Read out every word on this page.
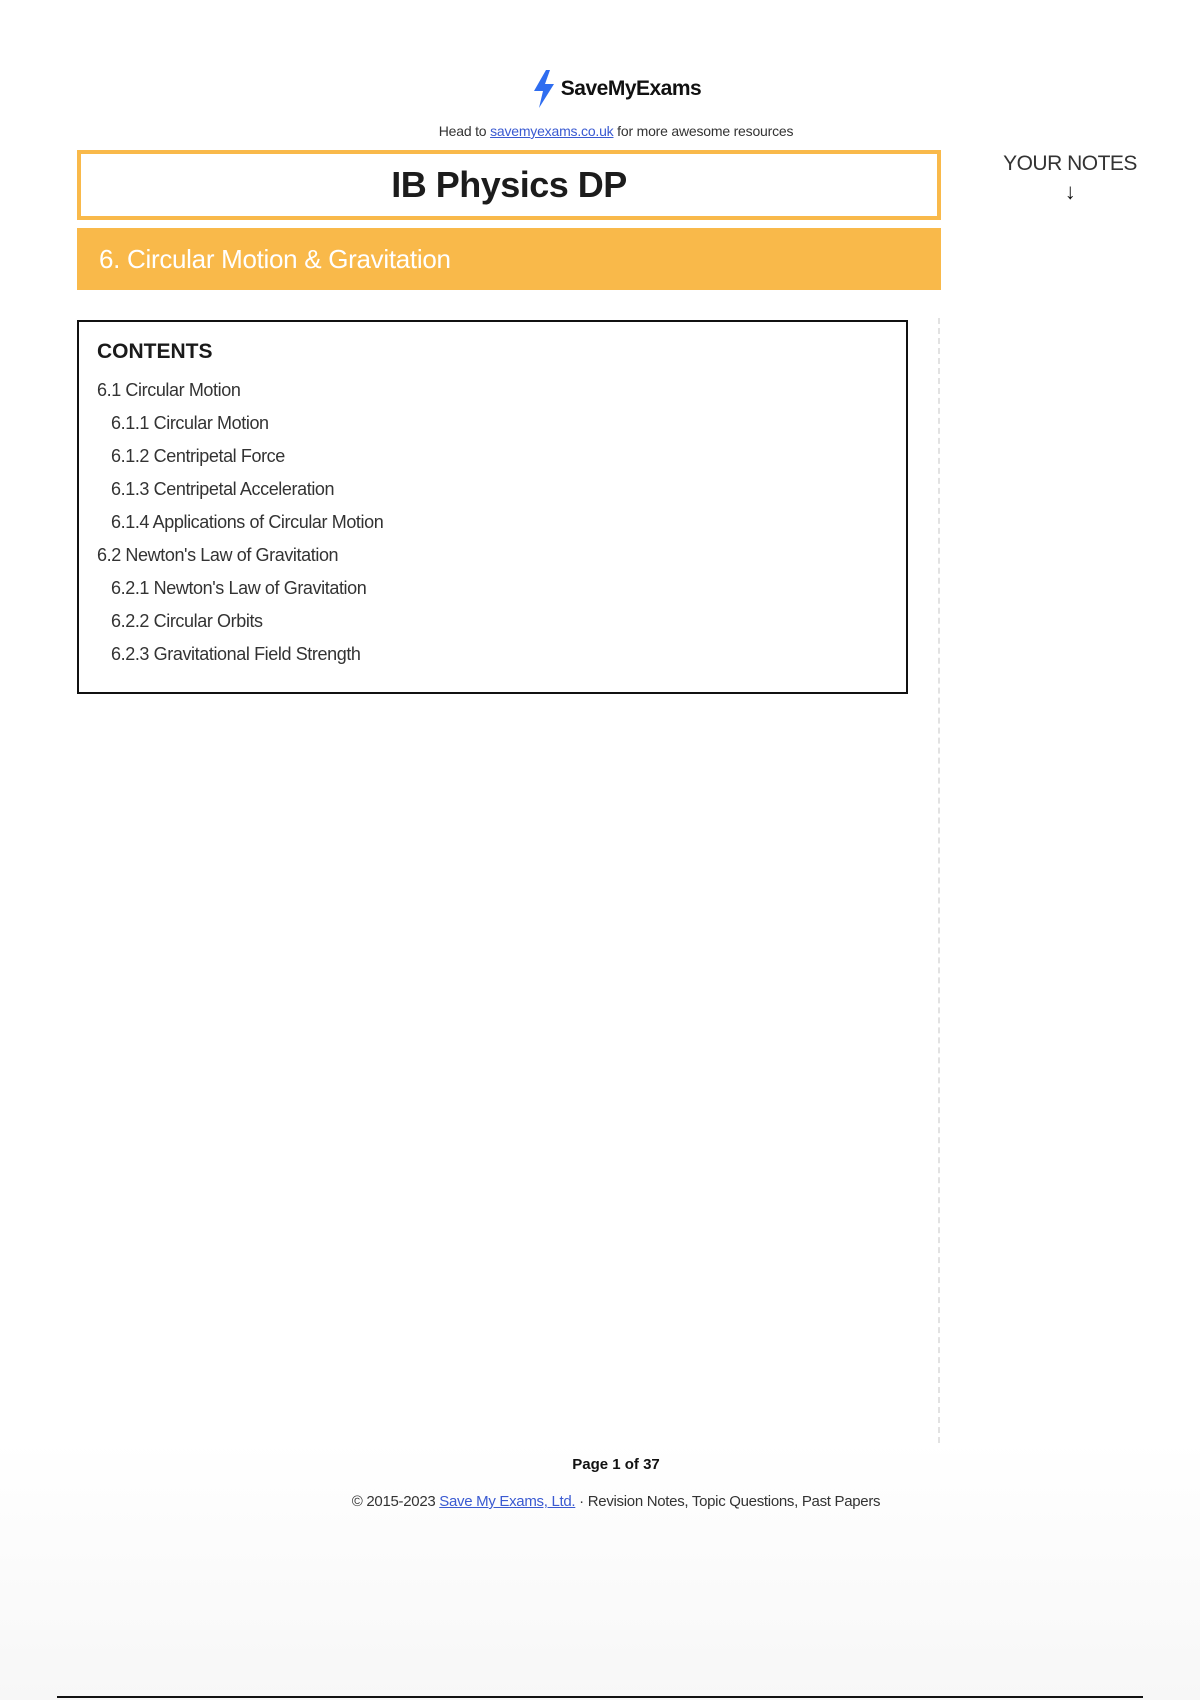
SaveMyExams
Head to savemyexams.co.uk for more awesome resources
IB Physics DP
6. Circular Motion & Gravitation
YOUR NOTES
↓
CONTENTS
6.1 Circular Motion
6.1.1 Circular Motion
6.1.2 Centripetal Force
6.1.3 Centripetal Acceleration
6.1.4 Applications of Circular Motion
6.2 Newton's Law of Gravitation
6.2.1 Newton's Law of Gravitation
6.2.2 Circular Orbits
6.2.3 Gravitational Field Strength
Page 1 of 37
© 2015-2023 Save My Exams, Ltd. · Revision Notes, Topic Questions, Past Papers
